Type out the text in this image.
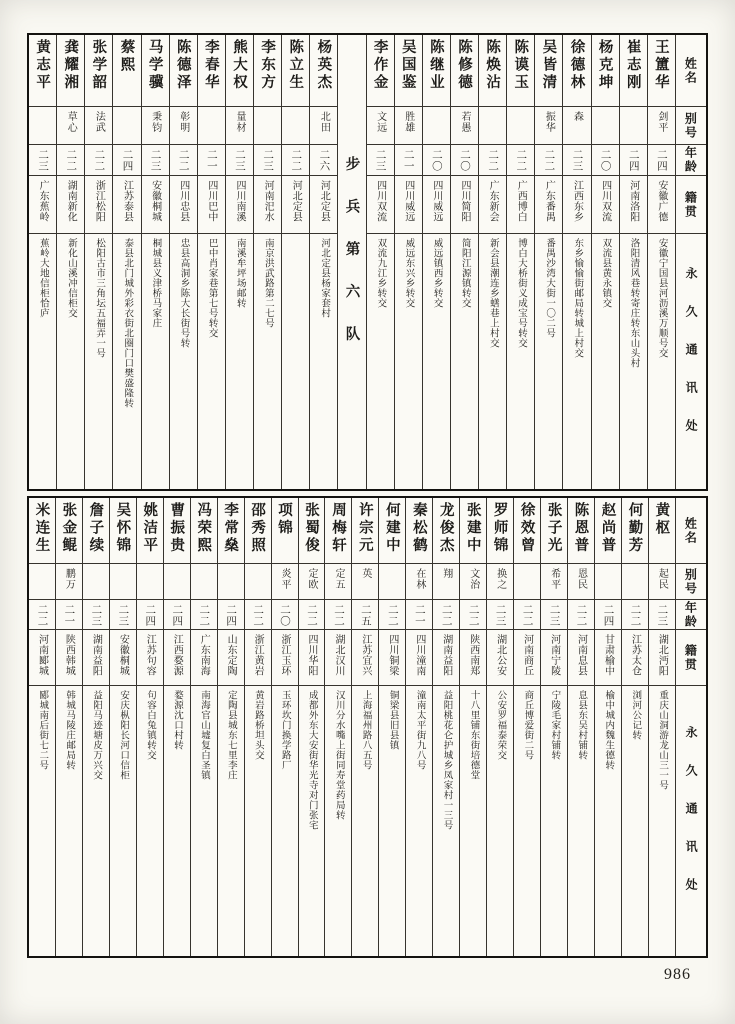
黄志平
二三
广东蕉岭
蕉岭大地信柜恰庐
龚耀湘
草心
二二
湖南新化
新化山溪冲信柜交
张学韶
法武
二二
浙江松阳
松阳古市三角坛五福弄一号
蔡熙
二四
江苏泰县
泰县北门城外彩衣街北圈门口樊盛隆转
马学骥
秉钧
二三
安徽桐城
桐城县义津桥马家庄
陈德泽
彰明
二二
四川忠县
忠县高洞乡陈大长街号转
李春华
二一
四川巴中
巴中肖家巷第七号转交
熊大权
量材
二三
四川南溪
南溪牟坪场邮转
李东方
二三
河南汜水
南京洪武路第二七号
陈立生
二二
河北定县
杨英杰
北田
二六
河北定县
河北定县杨家套村 步兵第六队
李作金
文远
二三
四川双流
双流九江乡转交
吴国鉴
胜雄
二一
四川威远
威远东兴乡转交
陈继业
二〇
四川威远
威远镇西乡转交
陈修德
若愚
二〇
四川简阳
简阳江源镇转交
陈焕沾
二二
广东新会
新会县潮连乡蟮巷上村交
陈谟玉
二二
广西博白
博白大桥街义成宝号转交
吴皆清
振华
二二
广东番禺
番禺沙湾大街一〇二号
徐德林
森
二三
江西东乡
东乡愉愉街邮局转城上村交
杨克坤
二〇
四川双流
双流县黄永镇交
崔志刚
二四
河南洛阳
洛阳清风巷转寄庄转东山头村
王簠华
剑平
二四
安徽广德
安徽宁国县河沥溪万顺号交
姓名
别号
年龄
籍贯
永久通讯处
米连生
二二
河南郾城
郾城南后街七二号
张金鲲
鹏万
二一
陕西韩城
韩城马陵庄邮局转
詹子续
二三
湖南益阳
益阳马迹塘皮万兴交
吴怀锦
二三
安徽桐城
安庆枞阳长河口信柜
姚洁平
二四
江苏句容
句容白兔镇转交
曹振贵
二四
江西婺源
婺源沈口村转
冯荣熙
二二
广东南海
南海官山墟复白圣镇
李常燊
二四
山东定陶
定陶县城东七里李庄
邵秀照
二二
浙江黄岩
黄岩路桥坦头交
项锦
炎平
二〇
浙江玉环
玉环坎门换学路厂
张蜀俊
定欧
二二
四川华阳
成都外东大安街华光寺对门张宅
周梅轩
定五
二二
湖北汉川
汉川分水嘴上街同寿堂药局转
许宗元
英
二五
江苏宜兴
上海福州路八五号
何建中
二二
四川铜梁
铜梁县旧县镇
秦松鹤
在林
二一
四川潼南
潼南太平街九八号
龙俊杰
翔
二二
湖南益阳
益阳桃花仑护城乡凤家村一三号
张建中
文治
二二
陕西南郑
十八里铺东街培德堂
罗师锦
换之
二三
湖北公安
公安罗福泰荣交
徐效曾
二二
河南商丘
商丘博爱街二号
张子光
希平
二三
河南宁陵
宁陵毛家村铺转
陈恩普
恩民
二二
河南息县
息县东吴村铺转
赵尚普
二四
甘肃榆中
榆中城内魏生德转
何勤芳
二二
江苏太仓
浏河公记转
黄枢
起民
二三
湖北沔阳
重庆山洞游龙山三一号
姓名
别号
年龄
籍贯
永久通讯处
986
